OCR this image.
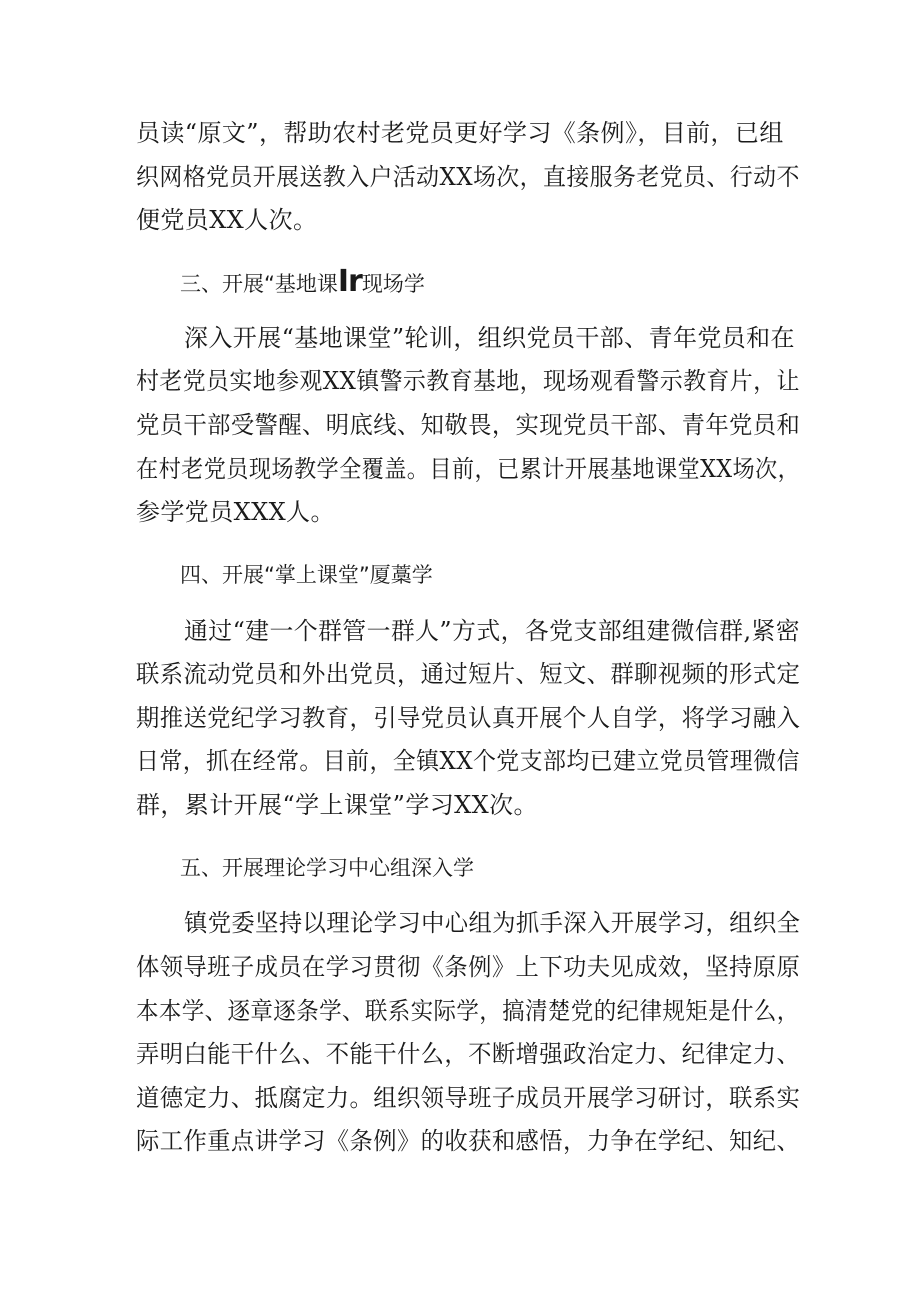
员读“原文”，帮助农村老党员更好学习《条例》，目前，已组
织网格党员开展送教入户活动XX场次，直接服务老党员、行动不
便党员XX人次。
三、开展“基地课Ir现场学
深入开展“基地课堂”轮训，组织党员干部、青年党员和在
村老党员实地参观XX镇警示教育基地，现场观看警示教育片，让
党员干部受警醒、明底线、知敬畏，实现党员干部、青年党员和
在村老党员现场教学全覆盖。目前，已累计开展基地课堂XX场次，
参学党员XXX人。
四、开展“掌上课堂”厦藁学
通过“建一个群管一群人”方式，各党支部组建微信群,紧密
联系流动党员和外出党员，通过短片、短文、群聊视频的形式定
期推送党纪学习教育，引导党员认真开展个人自学，将学习融入
日常，抓在经常。目前，全镇XX个党支部均已建立党员管理微信
群，累计开展“学上课堂”学习XX次。
五、开展理论学习中心组深入学
镇党委坚持以理论学习中心组为抓手深入开展学习，组织全
体领导班子成员在学习贯彻《条例》上下功夫见成效，坚持原原
本本学、逐章逐条学、联系实际学，搞清楚党的纪律规矩是什么，
弄明白能干什么、不能干什么，不断增强政治定力、纪律定力、
道德定力、抵腐定力。组织领导班子成员开展学习研讨，联系实
际工作重点讲学习《条例》的收获和感悟，力争在学纪、知纪、
